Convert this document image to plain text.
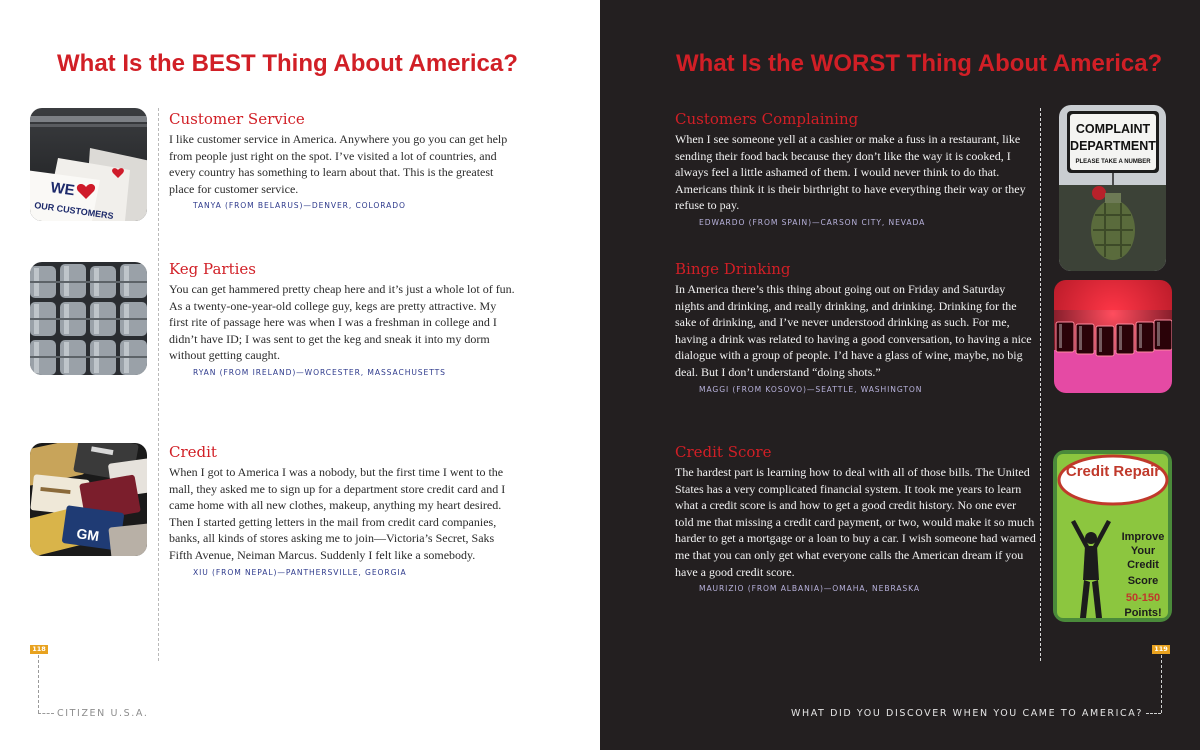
What Is the BEST Thing About America?
WE
OUR CUSTOMERS
Customer Service

I like customer service in America. Anywhere you go you can get help from people just right on the spot. I’ve visited a lot of countries, and every country has something to learn about that. This is the greatest place for customer service.

TANYA (FROM BELARUS)—DENVER, COLORADO
Keg Parties

You can get hammered pretty cheap here and it’s just a whole lot of fun. As a twenty-one-year-old college guy, kegs are pretty attractive. My first rite of passage here was when I was a freshman in college and I didn’t have ID; I was sent to get the keg and sneak it into my dorm without getting caught.

RYAN (FROM IRELAND)—WORCESTER, MASSACHUSETTS
GM
Credit

When I got to America I was a nobody, but the first time I went to the mall, they asked me to sign up for a department store credit card and I came home with all new clothes, makeup, anything my heart desired. Then I started getting letters in the mail from credit card companies, banks, all kinds of stores asking me to join—Victoria’s Secret, Saks Fifth Avenue, Neiman Marcus. Suddenly I felt like a somebody.

XIU (FROM NEPAL)—PANTHERSVILLE, GEORGIA
118
CITIZEN U.S.A.
What Is the WORST Thing About America?
Customers Complaining

When I see someone yell at a cashier or make a fuss in a restaurant, like sending their food back because they don’t like the way it is cooked, I always feel a little ashamed of them. I would never think to do that. Americans think it is their birthright to have everything their way or they refuse to pay.

EDWARDO (FROM SPAIN)—CARSON CITY, NEVADA
COMPLAINT
DEPARTMENT
PLEASE TAKE A NUMBER
Binge Drinking

In America there’s this thing about going out on Friday and Saturday nights and drinking, and really drinking, and drinking. Drinking for the sake of drinking, and I’ve never understood drinking as such. For me, having a drink was related to having a good conversation, to having a nice dialogue with a group of people. I’d have a glass of wine, maybe, no big deal. But I don’t understand “doing shots.”

MAGGI (FROM KOSOVO)—SEATTLE, WASHINGTON
Credit Score

The hardest part is learning how to deal with all of those bills. The United States has a very complicated financial system. It took me years to learn what a credit score is and how to get a good credit history. No one ever told me that missing a credit card payment, or two, would make it so much harder to get a mortgage or a loan to buy a car. I wish someone had warned me that you can only get what everyone calls the American dream if you have a good credit score.

MAURIZIO (FROM ALBANIA)—OMAHA, NEBRASKA
Credit Repair
Improve
Your
Credit
Score
50-150
Points!
119
WHAT DID YOU DISCOVER WHEN YOU CAME TO AMERICA?
